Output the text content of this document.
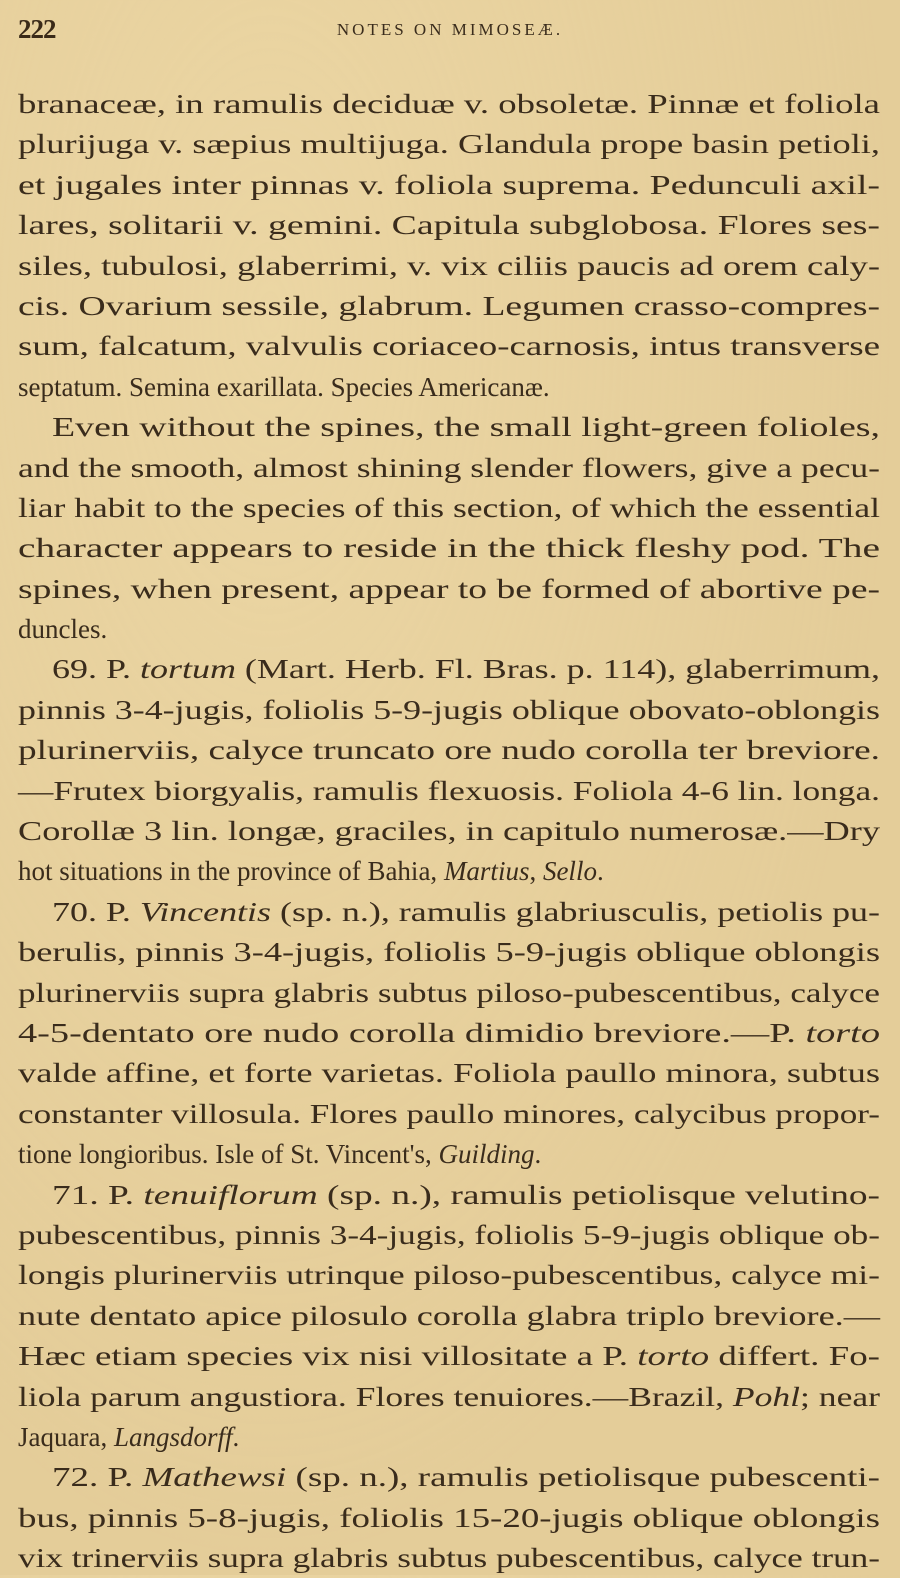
222	NOTES ON MIMOSEÆ.
branaceæ, in ramulis deciduæ v. obsoletæ. Pinnæ et foliola
plurijuga v. sæpius multijuga. Glandula prope basin petioli,
et jugales inter pinnas v. foliola suprema. Pedunculi axil-
lares, solitarii v. gemini. Capitula subglobosa. Flores ses-
siles, tubulosi, glaberrimi, v. vix ciliis paucis ad orem caly-
cis. Ovarium sessile, glabrum. Legumen crasso-compres-
sum, falcatum, valvulis coriaceo-carnosis, intus transverse
septatum. Semina exarillata. Species Americanæ.
Even without the spines, the small light-green folioles,
and the smooth, almost shining slender flowers, give a pecu-
liar habit to the species of this section, of which the essential
character appears to reside in the thick fleshy pod. The
spines, when present, appear to be formed of abortive pe-
duncles.
69. P. tortum (Mart. Herb. Fl. Bras. p. 114), glaberrimum,
pinnis 3-4-jugis, foliolis 5-9-jugis oblique obovato-oblongis
plurinerviis, calyce truncato ore nudo corolla ter breviore.
—Frutex biorgyalis, ramulis flexuosis. Foliola 4-6 lin. longa.
Corollæ 3 lin. longæ, graciles, in capitulo numerosæ.—Dry
hot situations in the province of Bahia, Martius, Sello.
70. P. Vincentis (sp. n.), ramulis glabriusculis, petiolis pu-
berulis, pinnis 3-4-jugis, foliolis 5-9-jugis oblique oblongis
plurinerviis supra glabris subtus piloso-pubescentibus, calyce
4-5-dentato ore nudo corolla dimidio breviore.—P. torto
valde affine, et forte varietas. Foliola paullo minora, subtus
constanter villosula. Flores paullo minores, calycibus propor-
tione longioribus. Isle of St. Vincent's, Guilding.
71. P. tenuiflorum (sp. n.), ramulis petiolisque velutino-
pubescentibus, pinnis 3-4-jugis, foliolis 5-9-jugis oblique ob-
longis plurinerviis utrinque piloso-pubescentibus, calyce mi-
nute dentato apice pilosulo corolla glabra triplo breviore.—
Hæc etiam species vix nisi villositate a P. torto differt. Fo-
liola parum angustiora. Flores tenuiores.—Brazil, Pohl; near
Jaquara, Langsdorff.
72. P. Mathewsi (sp. n.), ramulis petiolisque pubescenti-
bus, pinnis 5-8-jugis, foliolis 15-20-jugis oblique oblongis
vix trinerviis supra glabris subtus pubescentibus, calyce trun-
